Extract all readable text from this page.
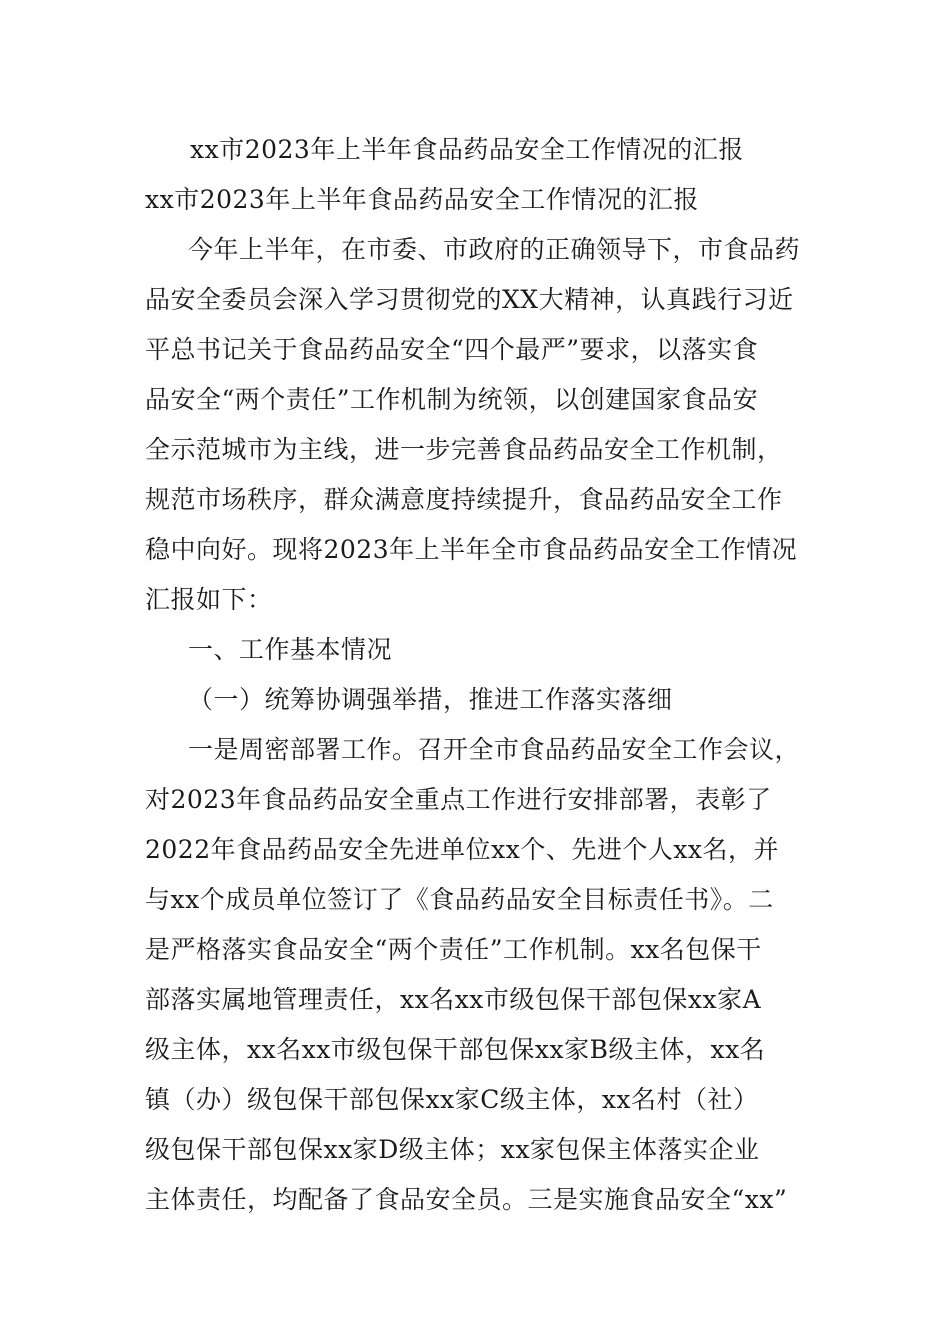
xx市2023年上半年食品药品安全工作情况的汇报
xx市2023年上半年食品药品安全工作情况的汇报
今年上半年，在市委、市政府的正确领导下，市食品药
品安全委员会深入学习贯彻党的XX大精神，认真践行习近
平总书记关于食品药品安全“四个最严”要求，以落实食
品安全“两个责任”工作机制为统领，以创建国家食品安
全示范城市为主线，进一步完善食品药品安全工作机制，
规范市场秩序，群众满意度持续提升，食品药品安全工作
稳中向好。现将2023年上半年全市食品药品安全工作情况
汇报如下：
一、工作基本情况
（一）统筹协调强举措，推进工作落实落细
一是周密部署工作。召开全市食品药品安全工作会议，
对2023年食品药品安全重点工作进行安排部署，表彰了
2022年食品药品安全先进单位xx个、先进个人xx名，并
与xx个成员单位签订了《食品药品安全目标责任书》。二
是严格落实食品安全“两个责任”工作机制。xx名包保干
部落实属地管理责任，xx名xx市级包保干部包保xx家A
级主体，xx名xx市级包保干部包保xx家B级主体，xx名
镇（办）级包保干部包保xx家C级主体，xx名村（社）
级包保干部包保xx家D级主体；xx家包保主体落实企业
主体责任，均配备了食品安全员。三是实施食品安全“xx”
